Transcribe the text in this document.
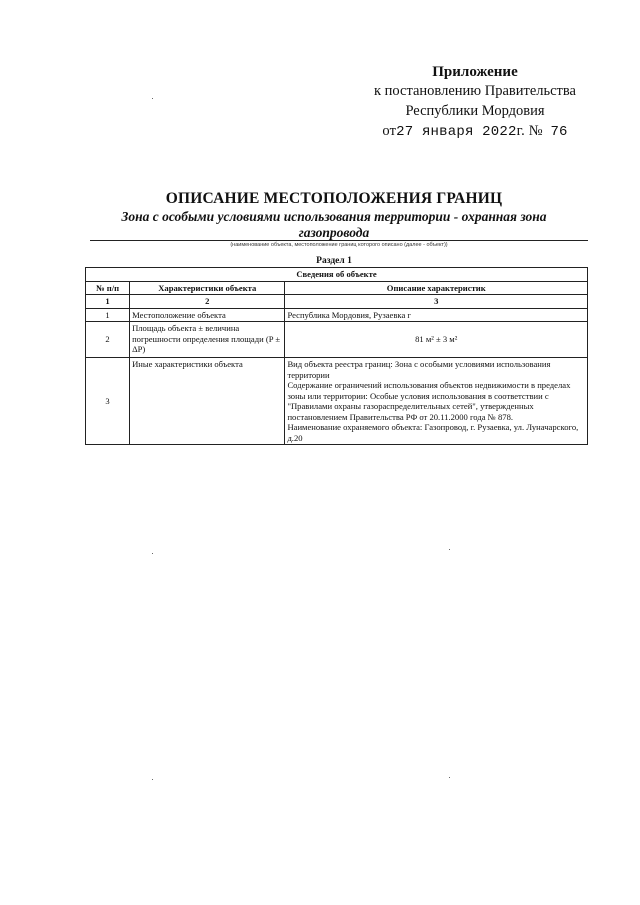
Приложение
к постановлению Правительства
Республики Мордовия
от27 января 2022г. № 76
ОПИСАНИЕ МЕСТОПОЛОЖЕНИЯ ГРАНИЦ
Зона с особыми условиями использования территории - охранная зона
газопровода
(наименование объекта, местоположение границ которого описано (далее - объект))
Раздел 1
Сведения об объекте		
№ п/п	Характеристики объекта	Описание характеристик
1	2	3
1	Местоположение объекта	Республика Мордовия, Рузаевка г

2	Площадь объекта ± величина погрешности определения площади (P ± ΔP)	81 м² ± 3 м²

3	Иные характеристики объекта	Вид объекта реестра границ: Зона с особыми условиями использования территории
Содержание ограничений использования объектов недвижимости в пределах зоны или территории: Особые условия использования в соответствии с "Правилами охраны газораспределительных сетей", утвержденных постановлением Правительства РФ от 20.11.2000 года № 878.
Наименование охраняемого объекта: Газопровод, г. Рузаевка, ул. Луначарского, д.20
